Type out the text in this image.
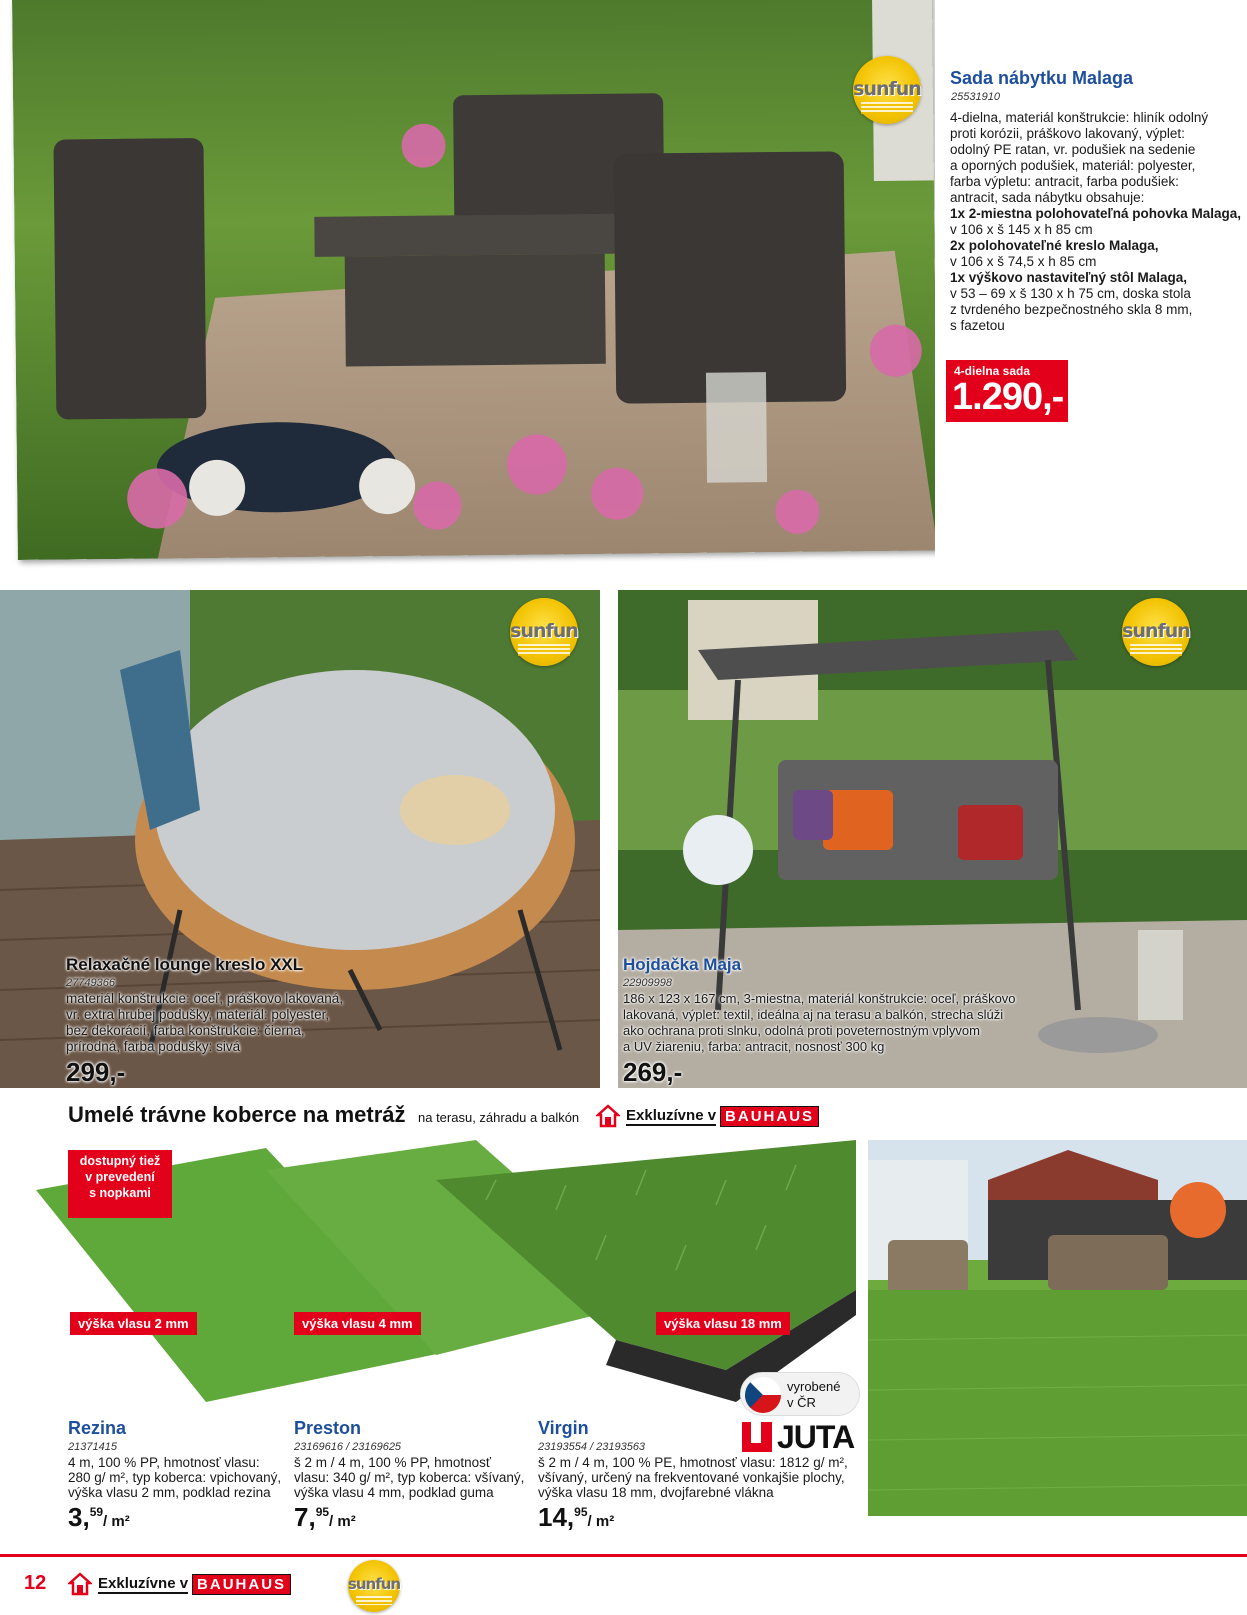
sunfun	Sada nábytku Malaga
25531910
4-dielna, materiál konštrukcie: hliník odolný
proti korózii, práškovo lakovaný, výplet:
odolný PE ratan, vr. podušiek na sedenie
a oporných podušiek, materiál: polyester,
farba výpletu: antracit, farba podušiek:
antracit, sada nábytku obsahuje:
1x 2-miestna polohovateľná pohovka Malaga,
v 106 x š 145 x h 85 cm
2x polohovateľné kreslo Malaga,
v 106 x š 74,5 x h 85 cm
1x výškovo nastaviteľný stôl Malaga,
v 53 – 69 x š 130 x h 75 cm, doska stola
z tvrdeného bezpečnostného skla 8 mm,
s fazetou
4-dielna sada
1.290,-
sunfun
Relaxačné lounge kreslo XXL
27749366
materiál konštrukcie: oceľ, práškovo lakovaná,
vr. extra hrubej podušky, materiál: polyester,
bez dekorácií, farba konštrukcie: čierna,
prírodná, farba podušky: sivá
299,-
sunfun
Hojdačka Maja
22909998
186 x 123 x 167 cm, 3-miestna, materiál konštrukcie: oceľ, práškovo
lakovaná, výplet: textil, ideálna aj na terasu a balkón, strecha slúži
ako ochrana proti slnku, odolná proti poveternostným vplyvom
a UV žiareniu, farba: antracit, nosnosť 300 kg
269,-
Umelé trávne koberce na metráž na terasu, záhradu a balkón	Exkluzívne v BAUHAUS
dostupný tiež
v prevedení
s nopkami
výška vlasu 2 mm	výška vlasu 4 mm	výška vlasu 18 mm
vyrobené
v ČR
JUTA
Rezina
21371415
4 m, 100 % PP, hmotnosť vlasu:
280 g/ m², typ koberca: vpichovaný,
výška vlasu 2 mm, podklad rezina
3,59/ m²
Preston
23169616 / 23169625
š 2 m / 4 m, 100 % PP, hmotnosť
vlasu: 340 g/ m², typ koberca: všívaný,
výška vlasu 4 mm, podklad guma
7,95/ m²
Virgin
23193554 / 23193563
š 2 m / 4 m, 100 % PE, hmotnosť vlasu: 1812 g/ m²,
všívaný, určený na frekventované vonkajšie plochy,
výška vlasu 18 mm, dvojfarebné vlákna
14,95/ m²
12	Exkluzívne v BAUHAUS	sunfun
